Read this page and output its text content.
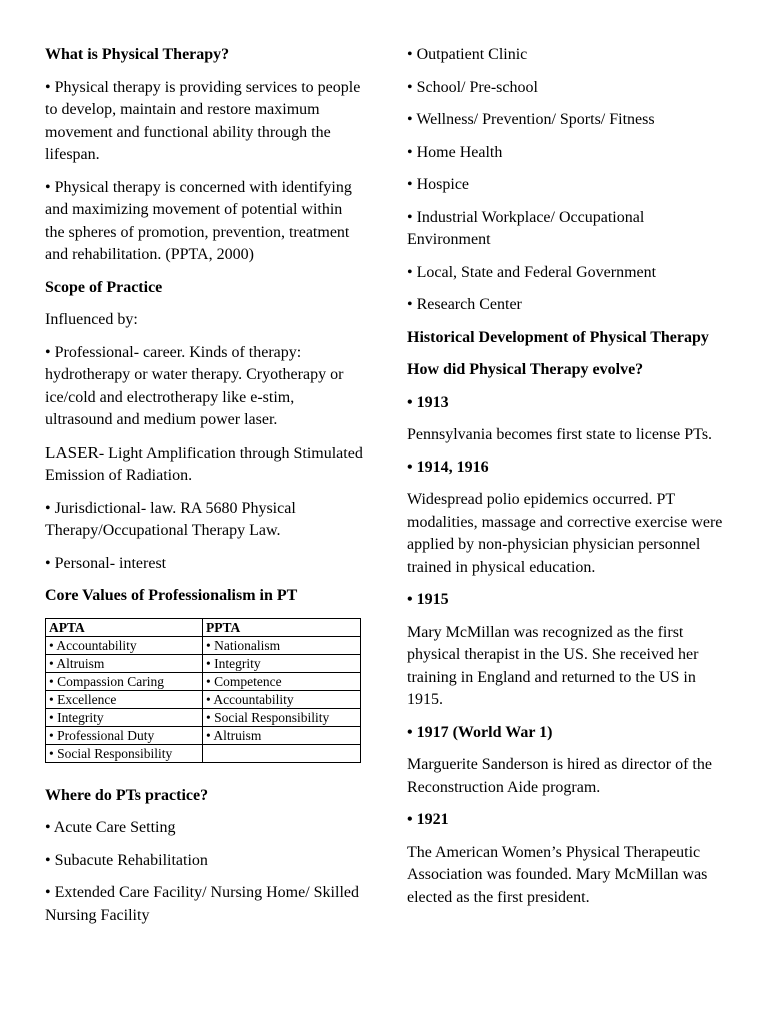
What is Physical Therapy?

• Physical therapy is providing services to people to develop, maintain and restore maximum movement and functional ability through the lifespan.

• Physical therapy is concerned with identifying and maximizing movement of potential within the spheres of promotion, prevention, treatment and rehabilitation. (PPTA, 2000)

Scope of Practice

Influenced by:

• Professional- career. Kinds of therapy: hydrotherapy or water therapy. Cryotherapy or ice/cold and electrotherapy like e-stim, ultrasound and medium power laser.

LASER- Light Amplification through Stimulated Emission of Radiation.

• Jurisdictional- law. RA 5680 Physical Therapy/Occupational Therapy Law.

• Personal- interest

Core Values of Professionalism in PT
APTA	PPTA
• Accountability	• Nationalism
• Altruism	• Integrity
• Compassion Caring	• Competence
• Excellence	• Accountability
• Integrity	• Social Responsibility
• Professional Duty	• Altruism
• Social Responsibility	
Where do PTs practice?

• Acute Care Setting

• Subacute Rehabilitation

• Extended Care Facility/ Nursing Home/ Skilled Nursing Facility

• Outpatient Clinic

• School/ Pre-school

• Wellness/ Prevention/ Sports/ Fitness

• Home Health

• Hospice

• Industrial Workplace/ Occupational Environment

• Local, State and Federal Government

• Research Center

Historical Development of Physical Therapy
How did Physical Therapy evolve?
• 1913

Pennsylvania becomes first state to license PTs.

• 1914, 1916

Widespread polio epidemics occurred. PT modalities, massage and corrective exercise were applied by non-physician physician personnel trained in physical education.

• 1915

Mary McMillan was recognized as the first physical therapist in the US. She received her training in England and returned to the US in 1915.

• 1917 (World War 1)

Marguerite Sanderson is hired as director of the Reconstruction Aide program.

• 1921

The American Women’s Physical Therapeutic Association was founded. Mary McMillan was elected as the first president.
